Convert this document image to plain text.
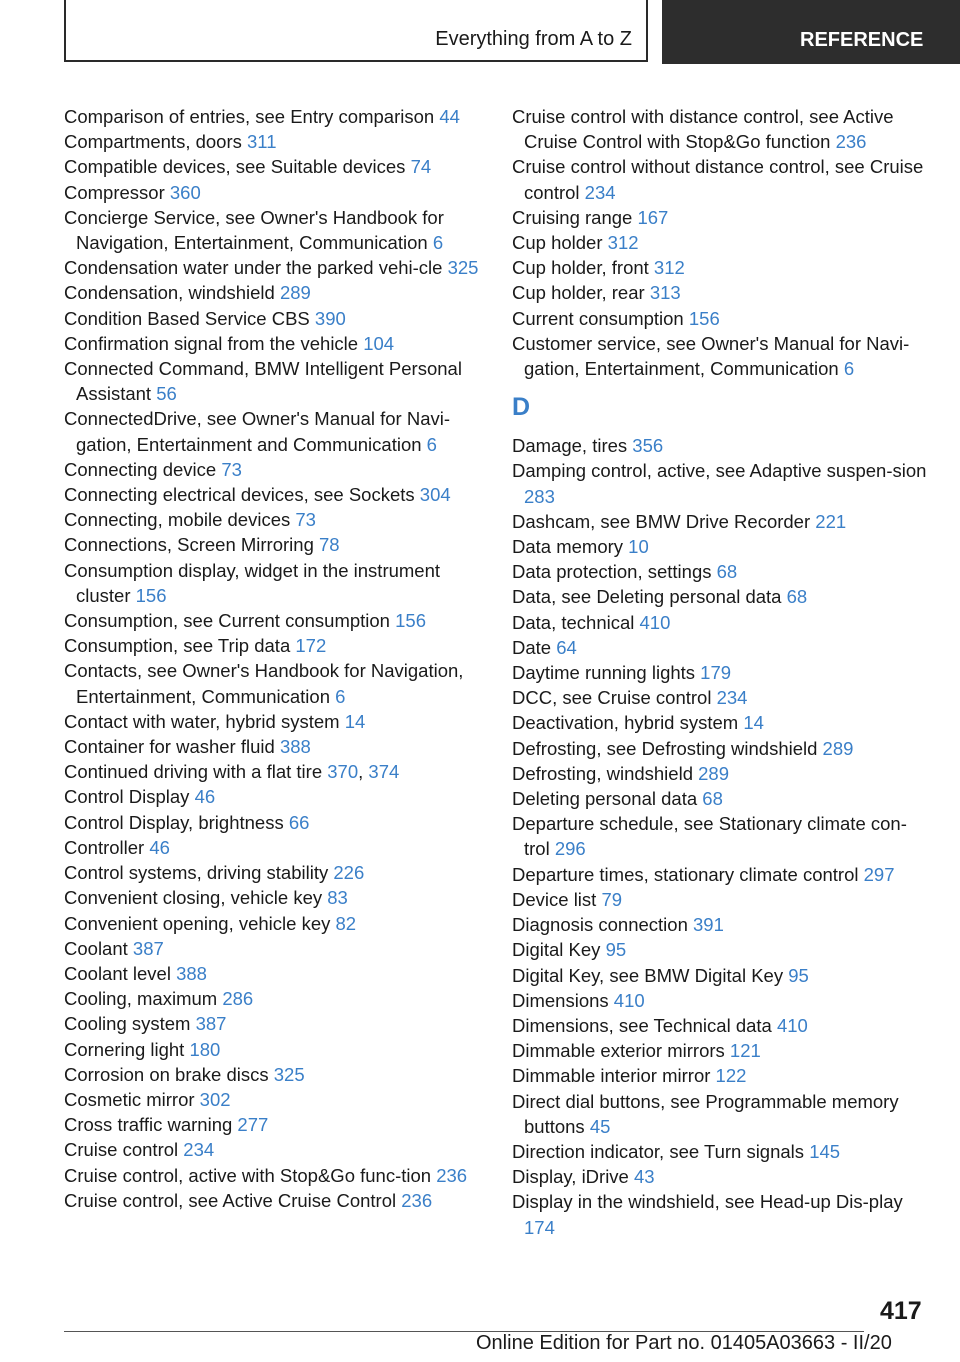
Everything from A to Z	REFERENCE
Comparison of entries, see Entry comparison 44
Compartments, doors 311
Compatible devices, see Suitable devices 74
Compressor 360
Concierge Service, see Owner's Handbook for Navigation, Entertainment, Communication 6
Condensation water under the parked vehi-cle 325
Condensation, windshield 289
Condition Based Service CBS 390
Confirmation signal from the vehicle 104
Connected Command, BMW Intelligent Personal Assistant 56
ConnectedDrive, see Owner's Manual for Navi-gation, Entertainment and Communication 6
Connecting device 73
Connecting electrical devices, see Sockets 304
Connecting, mobile devices 73
Connections, Screen Mirroring 78
Consumption display, widget in the instrument cluster 156
Consumption, see Current consumption 156
Consumption, see Trip data 172
Contacts, see Owner's Handbook for Navigation, Entertainment, Communication 6
Contact with water, hybrid system 14
Container for washer fluid 388
Continued driving with a flat tire 370, 374
Control Display 46
Control Display, brightness 66
Controller 46
Control systems, driving stability 226
Convenient closing, vehicle key 83
Convenient opening, vehicle key 82
Coolant 387
Coolant level 388
Cooling, maximum 286
Cooling system 387
Cornering light 180
Corrosion on brake discs 325
Cosmetic mirror 302
Cross traffic warning 277
Cruise control 234
Cruise control, active with Stop&Go func-tion 236
Cruise control, see Active Cruise Control 236
Cruise control with distance control, see Active Cruise Control with Stop&Go function 236
Cruise control without distance control, see Cruise control 234
Cruising range 167
Cup holder 312
Cup holder, front 312
Cup holder, rear 313
Current consumption 156
Customer service, see Owner's Manual for Navi-gation, Entertainment, Communication 6
D
Damage, tires 356
Damping control, active, see Adaptive suspen-sion 283
Dashcam, see BMW Drive Recorder 221
Data memory 10
Data protection, settings 68
Data, see Deleting personal data 68
Data, technical 410
Date 64
Daytime running lights 179
DCC, see Cruise control 234
Deactivation, hybrid system 14
Defrosting, see Defrosting windshield 289
Defrosting, windshield 289
Deleting personal data 68
Departure schedule, see Stationary climate con-trol 296
Departure times, stationary climate control 297
Device list 79
Diagnosis connection 391
Digital Key 95
Digital Key, see BMW Digital Key 95
Dimensions 410
Dimensions, see Technical data 410
Dimmable exterior mirrors 121
Dimmable interior mirror 122
Direct dial buttons, see Programmable memory buttons 45
Direction indicator, see Turn signals 145
Display, iDrive 43
Display in the windshield, see Head-up Dis-play 174
417
Online Edition for Part no. 01405A03663 - II/20
